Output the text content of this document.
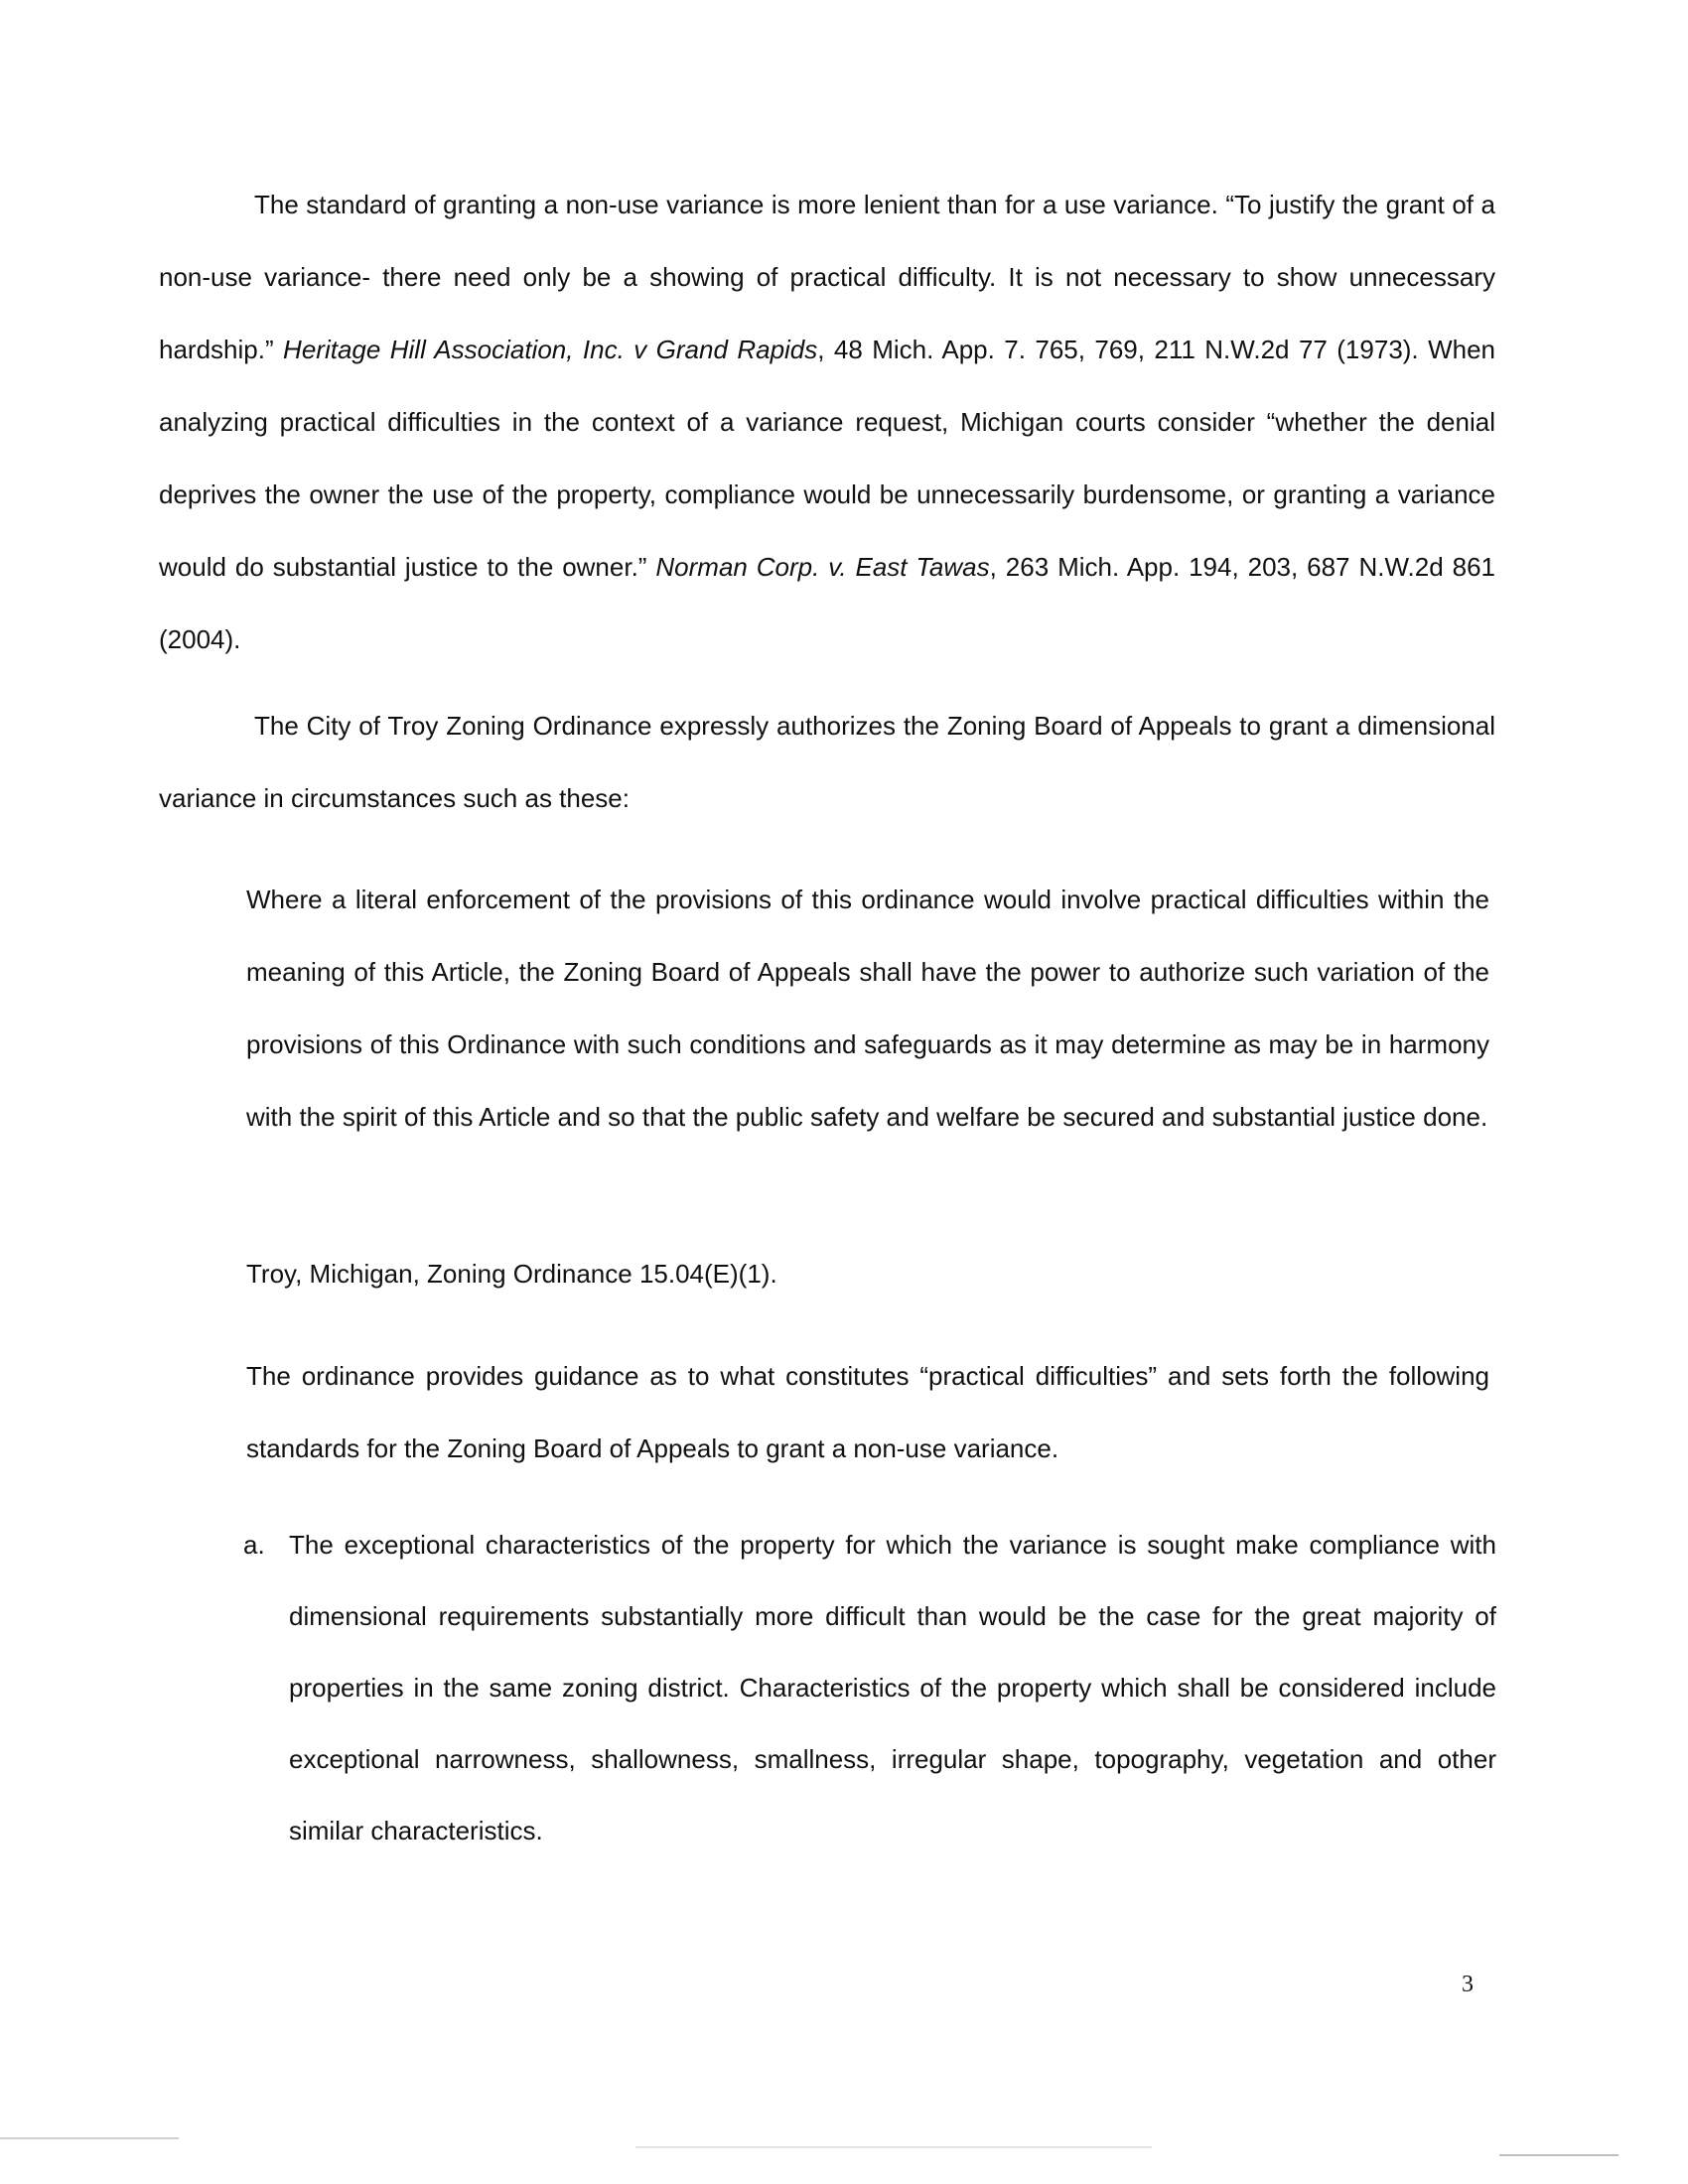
The standard of granting a non-use variance is more lenient than for a use variance. “To justify the grant of a non-use variance- there need only be a showing of practical difficulty. It is not necessary to show unnecessary hardship.” Heritage Hill Association, Inc. v Grand Rapids, 48 Mich. App. 7. 765, 769, 211 N.W.2d 77 (1973). When analyzing practical difficulties in the context of a variance request, Michigan courts consider “whether the denial deprives the owner the use of the property, compliance would be unnecessarily burdensome, or granting a variance would do substantial justice to the owner.” Norman Corp. v. East Tawas, 263 Mich. App. 194, 203, 687 N.W.2d 861 (2004).

The City of Troy Zoning Ordinance expressly authorizes the Zoning Board of Appeals to grant a dimensional variance in circumstances such as these:

Where a literal enforcement of the provisions of this ordinance would involve practical difficulties within the meaning of this Article, the Zoning Board of Appeals shall have the power to authorize such variation of the provisions of this Ordinance with such conditions and safeguards as it may determine as may be in harmony with the spirit of this Article and so that the public safety and welfare be secured and substantial justice done.

Troy, Michigan, Zoning Ordinance 15.04(E)(1).

The ordinance provides guidance as to what constitutes “practical difficulties” and sets forth the following standards for the Zoning Board of Appeals to grant a non-use variance.

a. The exceptional characteristics of the property for which the variance is sought make compliance with dimensional requirements substantially more difficult than would be the case for the great majority of properties in the same zoning district. Characteristics of the property which shall be considered include exceptional narrowness, shallowness, smallness, irregular shape, topography, vegetation and other similar characteristics.
3
